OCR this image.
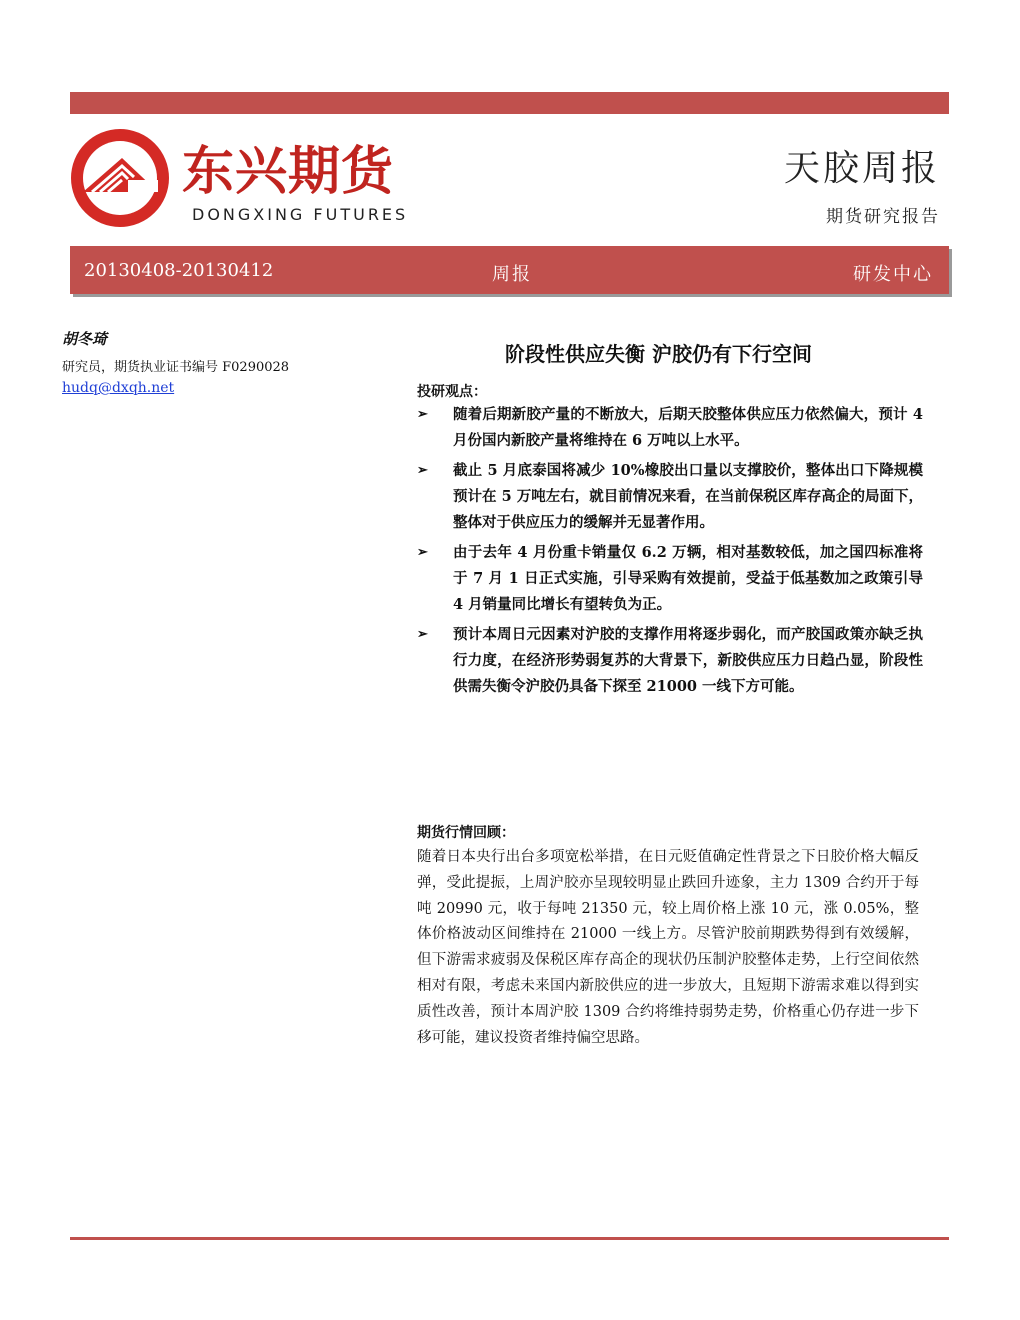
东兴期货
DONGXING FUTURES
天胶周报
期货研究报告
20130408-20130412	周报	研发中心
胡冬琦
研究员，期货执业证书编号 F0290028
hudq@dxqh.net
阶段性供应失衡 沪胶仍有下行空间
投研观点：
➢ 随着后期新胶产量的不断放大，后期天胶整体供应压力依然偏大，预计 4 月份国内新胶产量将维持在 6 万吨以上水平。
➢ 截止 5 月底泰国将减少 10%橡胶出口量以支撑胶价，整体出口下降规模预计在 5 万吨左右，就目前情况来看，在当前保税区库存高企的局面下，整体对于供应压力的缓解并无显著作用。
➢ 由于去年 4 月份重卡销量仅 6.2 万辆，相对基数较低，加之国四标准将于 7 月 1 日正式实施，引导采购有效提前，受益于低基数加之政策引导 4 月销量同比增长有望转负为正。
➢ 预计本周日元因素对沪胶的支撑作用将逐步弱化，而产胶国政策亦缺乏执行力度，在经济形势弱复苏的大背景下，新胶供应压力日趋凸显，阶段性供需失衡令沪胶仍具备下探至 21000 一线下方可能。
期货行情回顾：

随着日本央行出台多项宽松举措，在日元贬值确定性背景之下日胶价格大幅反弹，受此提振，上周沪胶亦呈现较明显止跌回升迹象，主力 1309 合约开于每吨 20990 元，收于每吨 21350 元，较上周价格上涨 10 元，涨 0.05%，整体价格波动区间维持在 21000 一线上方。尽管沪胶前期跌势得到有效缓解，但下游需求疲弱及保税区库存高企的现状仍压制沪胶整体走势，上行空间依然相对有限，考虑未来国内新胶供应的进一步放大，且短期下游需求难以得到实质性改善，预计本周沪胶 1309 合约将维持弱势走势，价格重心仍存进一步下移可能，建议投资者维持偏空思路。
